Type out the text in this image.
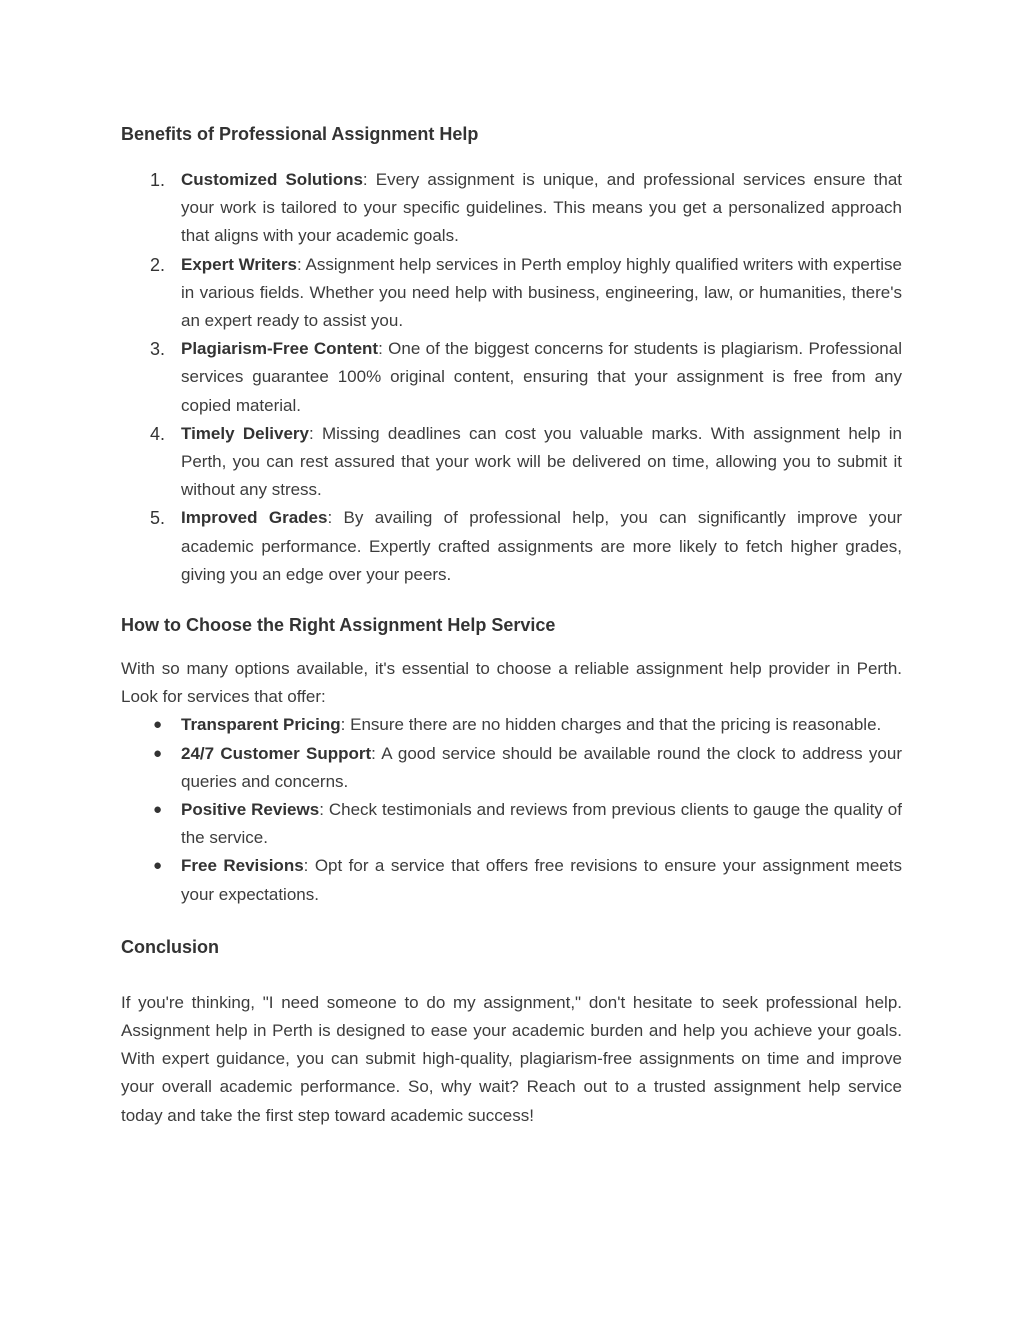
Benefits of Professional Assignment Help
1. Customized Solutions: Every assignment is unique, and professional services ensure that your work is tailored to your specific guidelines. This means you get a personalized approach that aligns with your academic goals.
2. Expert Writers: Assignment help services in Perth employ highly qualified writers with expertise in various fields. Whether you need help with business, engineering, law, or humanities, there's an expert ready to assist you.
3. Plagiarism-Free Content: One of the biggest concerns for students is plagiarism. Professional services guarantee 100% original content, ensuring that your assignment is free from any copied material.
4. Timely Delivery: Missing deadlines can cost you valuable marks. With assignment help in Perth, you can rest assured that your work will be delivered on time, allowing you to submit it without any stress.
5. Improved Grades: By availing of professional help, you can significantly improve your academic performance. Expertly crafted assignments are more likely to fetch higher grades, giving you an edge over your peers.
How to Choose the Right Assignment Help Service

With so many options available, it's essential to choose a reliable assignment help provider in Perth. Look for services that offer:

● Transparent Pricing: Ensure there are no hidden charges and that the pricing is reasonable.
● 24/7 Customer Support: A good service should be available round the clock to address your queries and concerns.
● Positive Reviews: Check testimonials and reviews from previous clients to gauge the quality of the service.
● Free Revisions: Opt for a service that offers free revisions to ensure your assignment meets your expectations.
Conclusion

If you're thinking, "I need someone to do my assignment," don't hesitate to seek professional help. Assignment help in Perth is designed to ease your academic burden and help you achieve your goals. With expert guidance, you can submit high-quality, plagiarism-free assignments on time and improve your overall academic performance. So, why wait? Reach out to a trusted assignment help service today and take the first step toward academic success!
